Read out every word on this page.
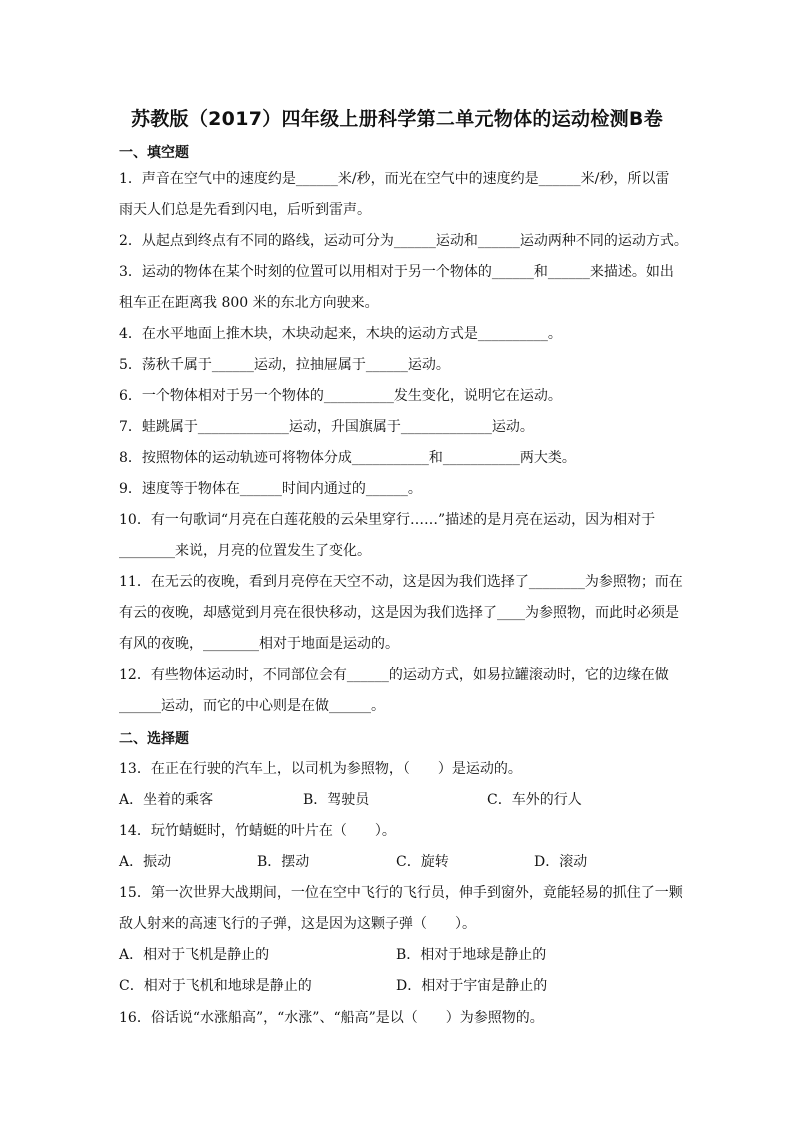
苏教版（2017）四年级上册科学第二单元物体的运动检测B卷
一、填空题
1．声音在空气中的速度约是______米/秒，而光在空气中的速度约是______米/秒，所以雷
雨天人们总是先看到闪电，后听到雷声。
2．从起点到终点有不同的路线，运动可分为______运动和______运动两种不同的运动方式。
3．运动的物体在某个时刻的位置可以用相对于另一个物体的______和______来描述。如出
租车正在距离我 800 米的东北方向驶来。
4．在水平地面上推木块，木块动起来，木块的运动方式是__________。
5．荡秋千属于______运动，拉抽屉属于______运动。
6．一个物体相对于另一个物体的__________发生变化，说明它在运动。
7．蛙跳属于_____________运动，升国旗属于_____________运动。
8．按照物体的运动轨迹可将物体分成___________和___________两大类。
9．速度等于物体在______时间内通过的______。
10．有一句歌词“月亮在白莲花般的云朵里穿行……”描述的是月亮在运动，因为相对于
________来说，月亮的位置发生了变化。
11．在无云的夜晚，看到月亮停在天空不动，这是因为我们选择了________为参照物；而在
有云的夜晚，却感觉到月亮在很快移动，这是因为我们选择了____为参照物，而此时必须是
有风的夜晚，________相对于地面是运动的。
12．有些物体运动时，不同部位会有______的运动方式，如易拉罐滚动时，它的边缘在做
______运动，而它的中心则是在做______。
二、选择题
13．在正在行驶的汽车上，以司机为参照物，（　　）是运动的。
A．坐着的乘客	B．驾驶员	C．车外的行人
14．玩竹蜻蜓时，竹蜻蜓的叶片在（　　）。
A．振动	B．摆动	C．旋转	D．滚动
15．第一次世界大战期间，一位在空中飞行的飞行员，伸手到窗外，竟能轻易的抓住了一颗
敌人射来的高速飞行的子弹，这是因为这颗子弹（　　）。
A．相对于飞机是静止的	B．相对于地球是静止的
C．相对于飞机和地球是静止的	D．相对于宇宙是静止的
16．俗话说“水涨船高”，“水涨”、“船高”是以（　　）为参照物的。
